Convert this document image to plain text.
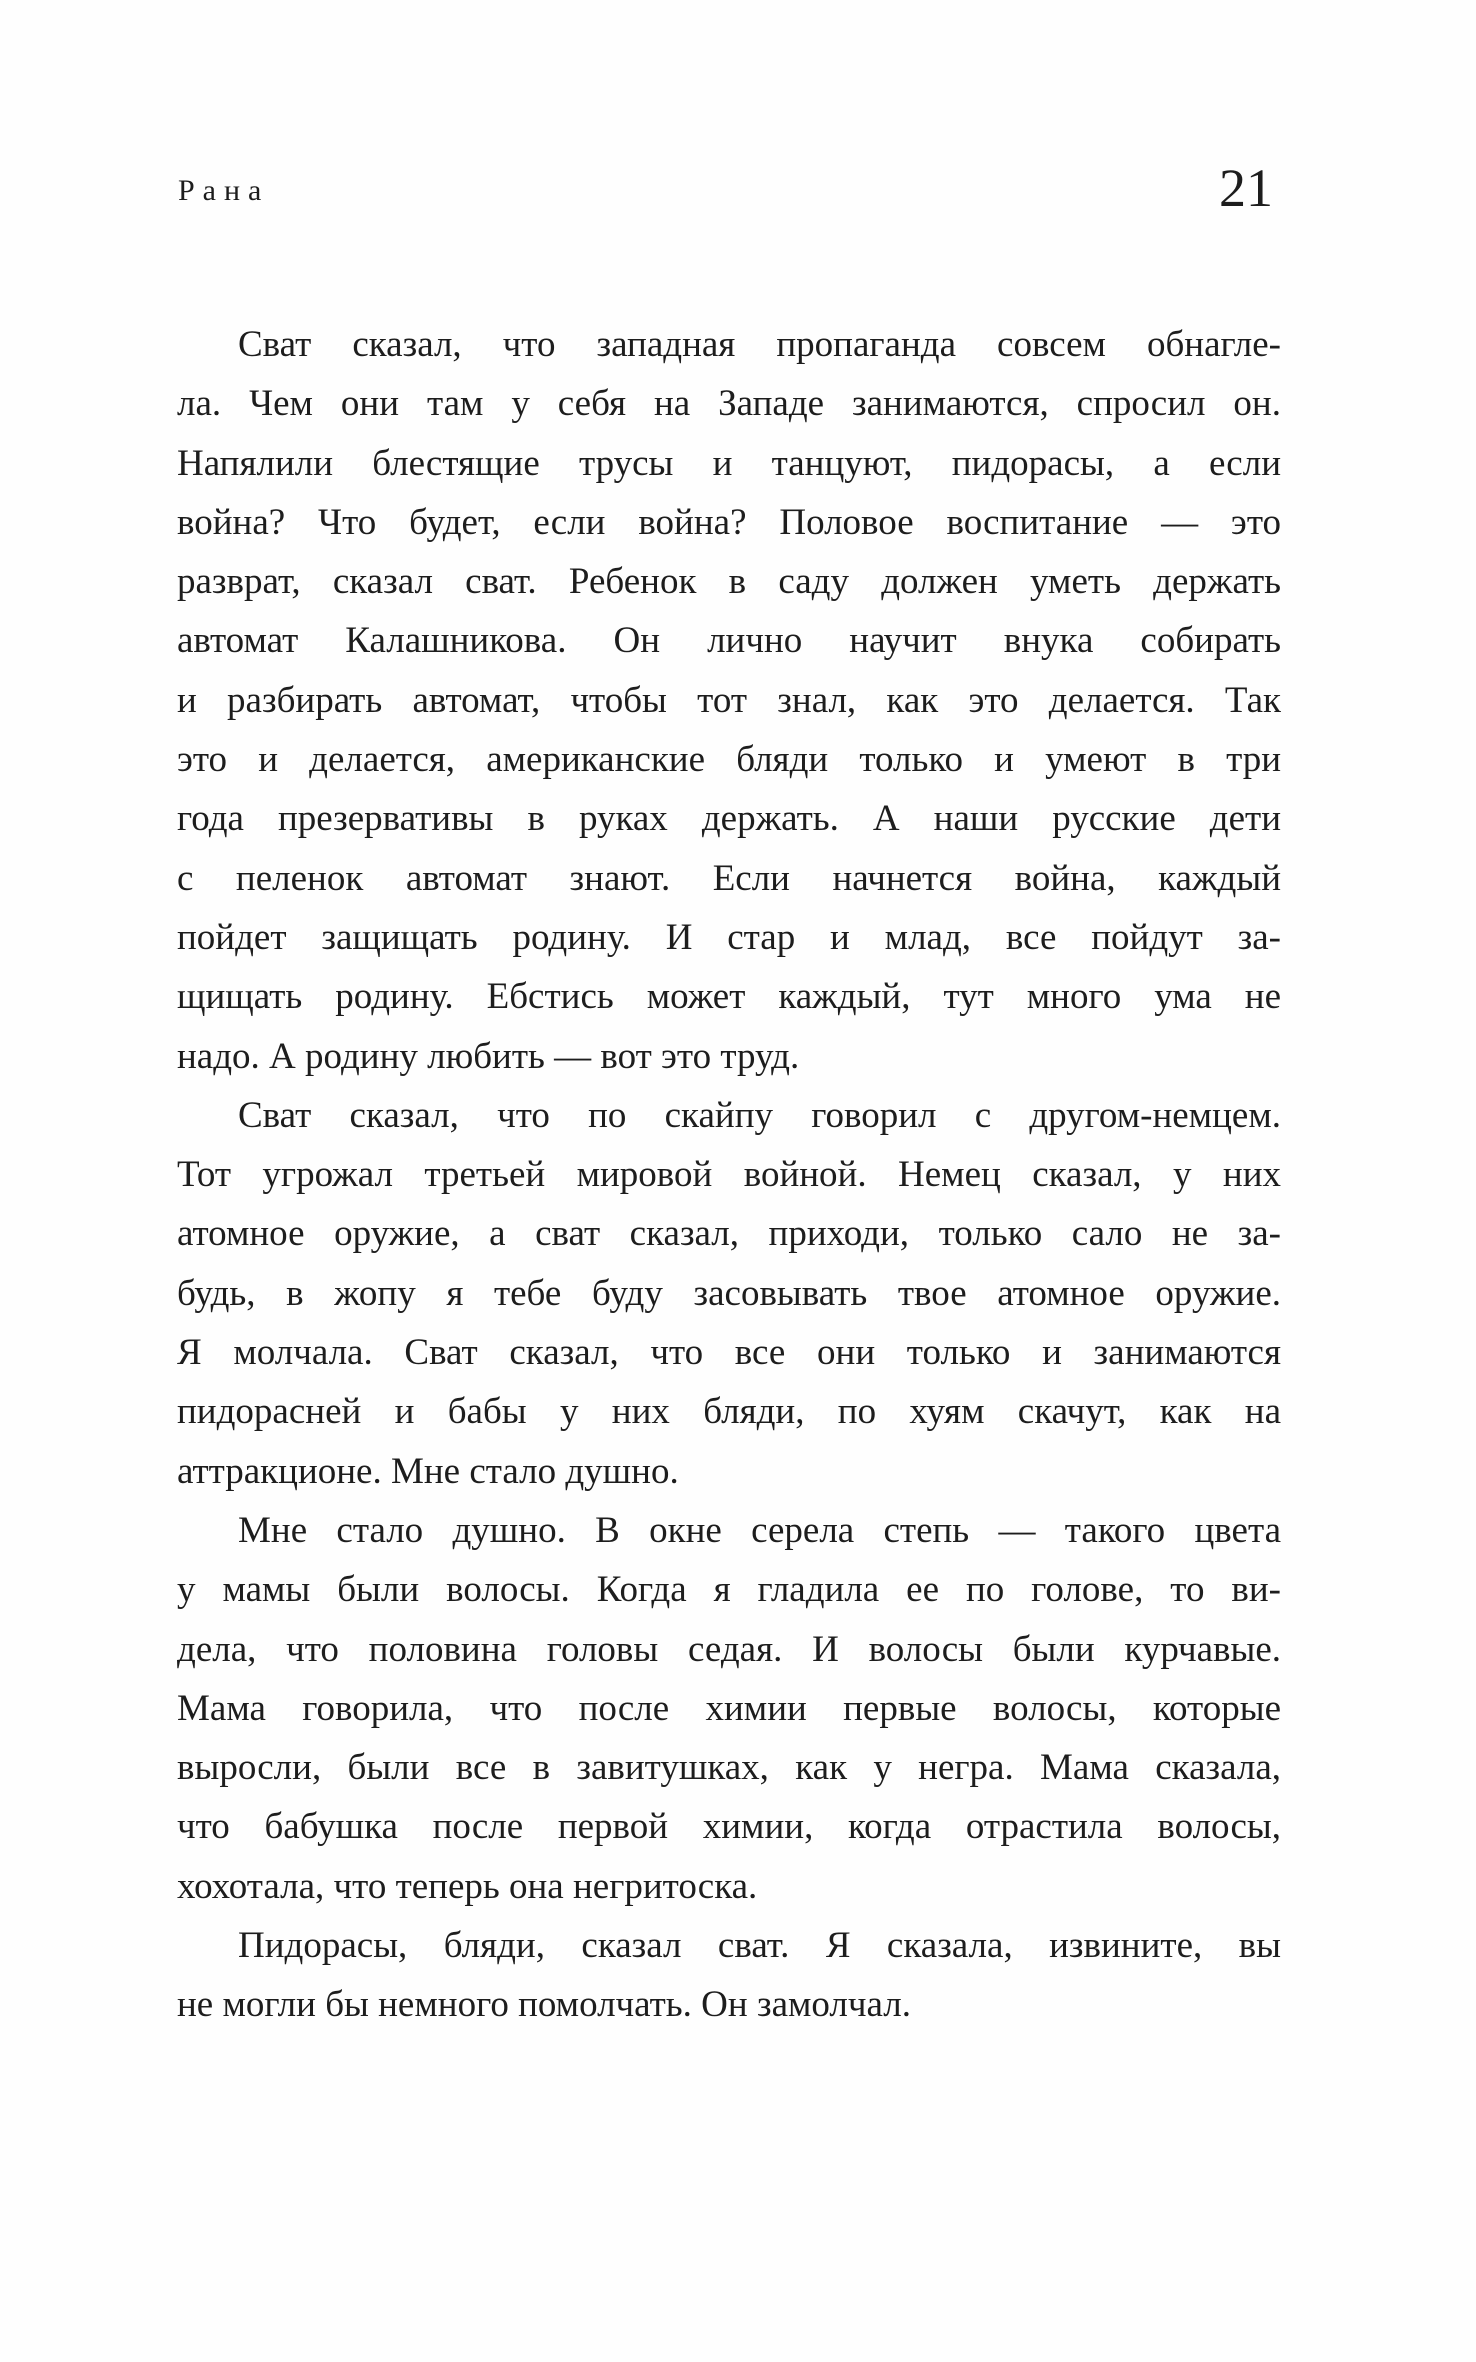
Рана	21
Сват сказал, что западная пропаганда совсем обнагле-
ла. Чем они там у себя на Западе занимаются, спросил он.
Напялили блестящие трусы и танцуют, пидорасы, а если
война? Что будет, если война? Половое воспитание — это
разврат, сказал сват. Ребенок в саду должен уметь держать
автомат Калашникова. Он лично научит внука собирать
и разбирать автомат, чтобы тот знал, как это делается. Так
это и делается, американские бляди только и умеют в три
года презервативы в руках держать. А наши русские дети
с пеленок автомат знают. Если начнется война, каждый
пойдет защищать родину. И стар и млад, все пойдут за-
щищать родину. Ебстись может каждый, тут много ума не
надо. А родину любить — вот это труд.
Сват сказал, что по скайпу говорил с другом-немцем.
Тот угрожал третьей мировой войной. Немец сказал, у них
атомное оружие, а сват сказал, приходи, только сало не за-
будь, в жопу я тебе буду засовывать твое атомное оружие.
Я молчала. Сват сказал, что все они только и занимаются
пидорасней и бабы у них бляди, по хуям скачут, как на
аттракционе. Мне стало душно.
Мне стало душно. В окне серела степь — такого цвета
у мамы были волосы. Когда я гладила ее по голове, то ви-
дела, что половина головы седая. И волосы были курчавые.
Мама говорила, что после химии первые волосы, которые
выросли, были все в завитушках, как у негра. Мама сказала,
что бабушка после первой химии, когда отрастила волосы,
хохотала, что теперь она негритоска.
Пидорасы, бляди, сказал сват. Я сказала, извините, вы
не могли бы немного помолчать. Он замолчал.
